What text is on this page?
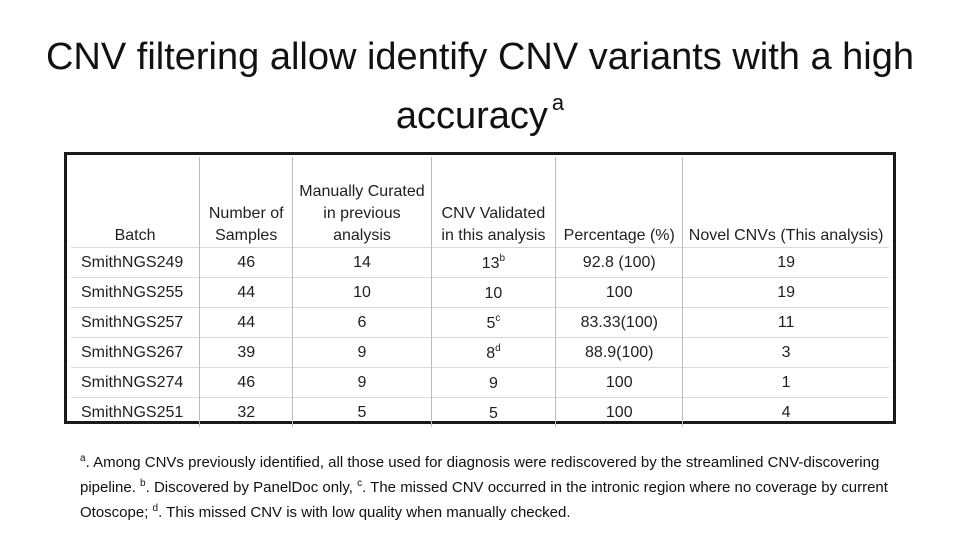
CNV filtering allow identify CNV variants with a high accuracy $^a$
Batch	Number of Samples	Manually Curated in previous analysis	CNV Validated in this analysis	Percentage (%)	Novel CNVs (This analysis)
SmithNGS249	46	14	13$^b$	92.8 (100)	19
SmithNGS255	44	10	10	100	19
SmithNGS257	44	6	5$^c$	83.33(100)	11
SmithNGS267	39	9	8$^d$	88.9(100)	3
SmithNGS274	46	9	9	100	1
SmithNGS251	32	5	5	100	4
$^a$. Among CNVs previously identified, all those used for diagnosis were rediscovered by the streamlined CNV-discovering pipeline. $^b$. Discovered by PanelDoc only, $^c$. The missed CNV occurred in the intronic region where no coverage by current Otoscope; $^d$. This missed CNV is with low quality when manually checked.
